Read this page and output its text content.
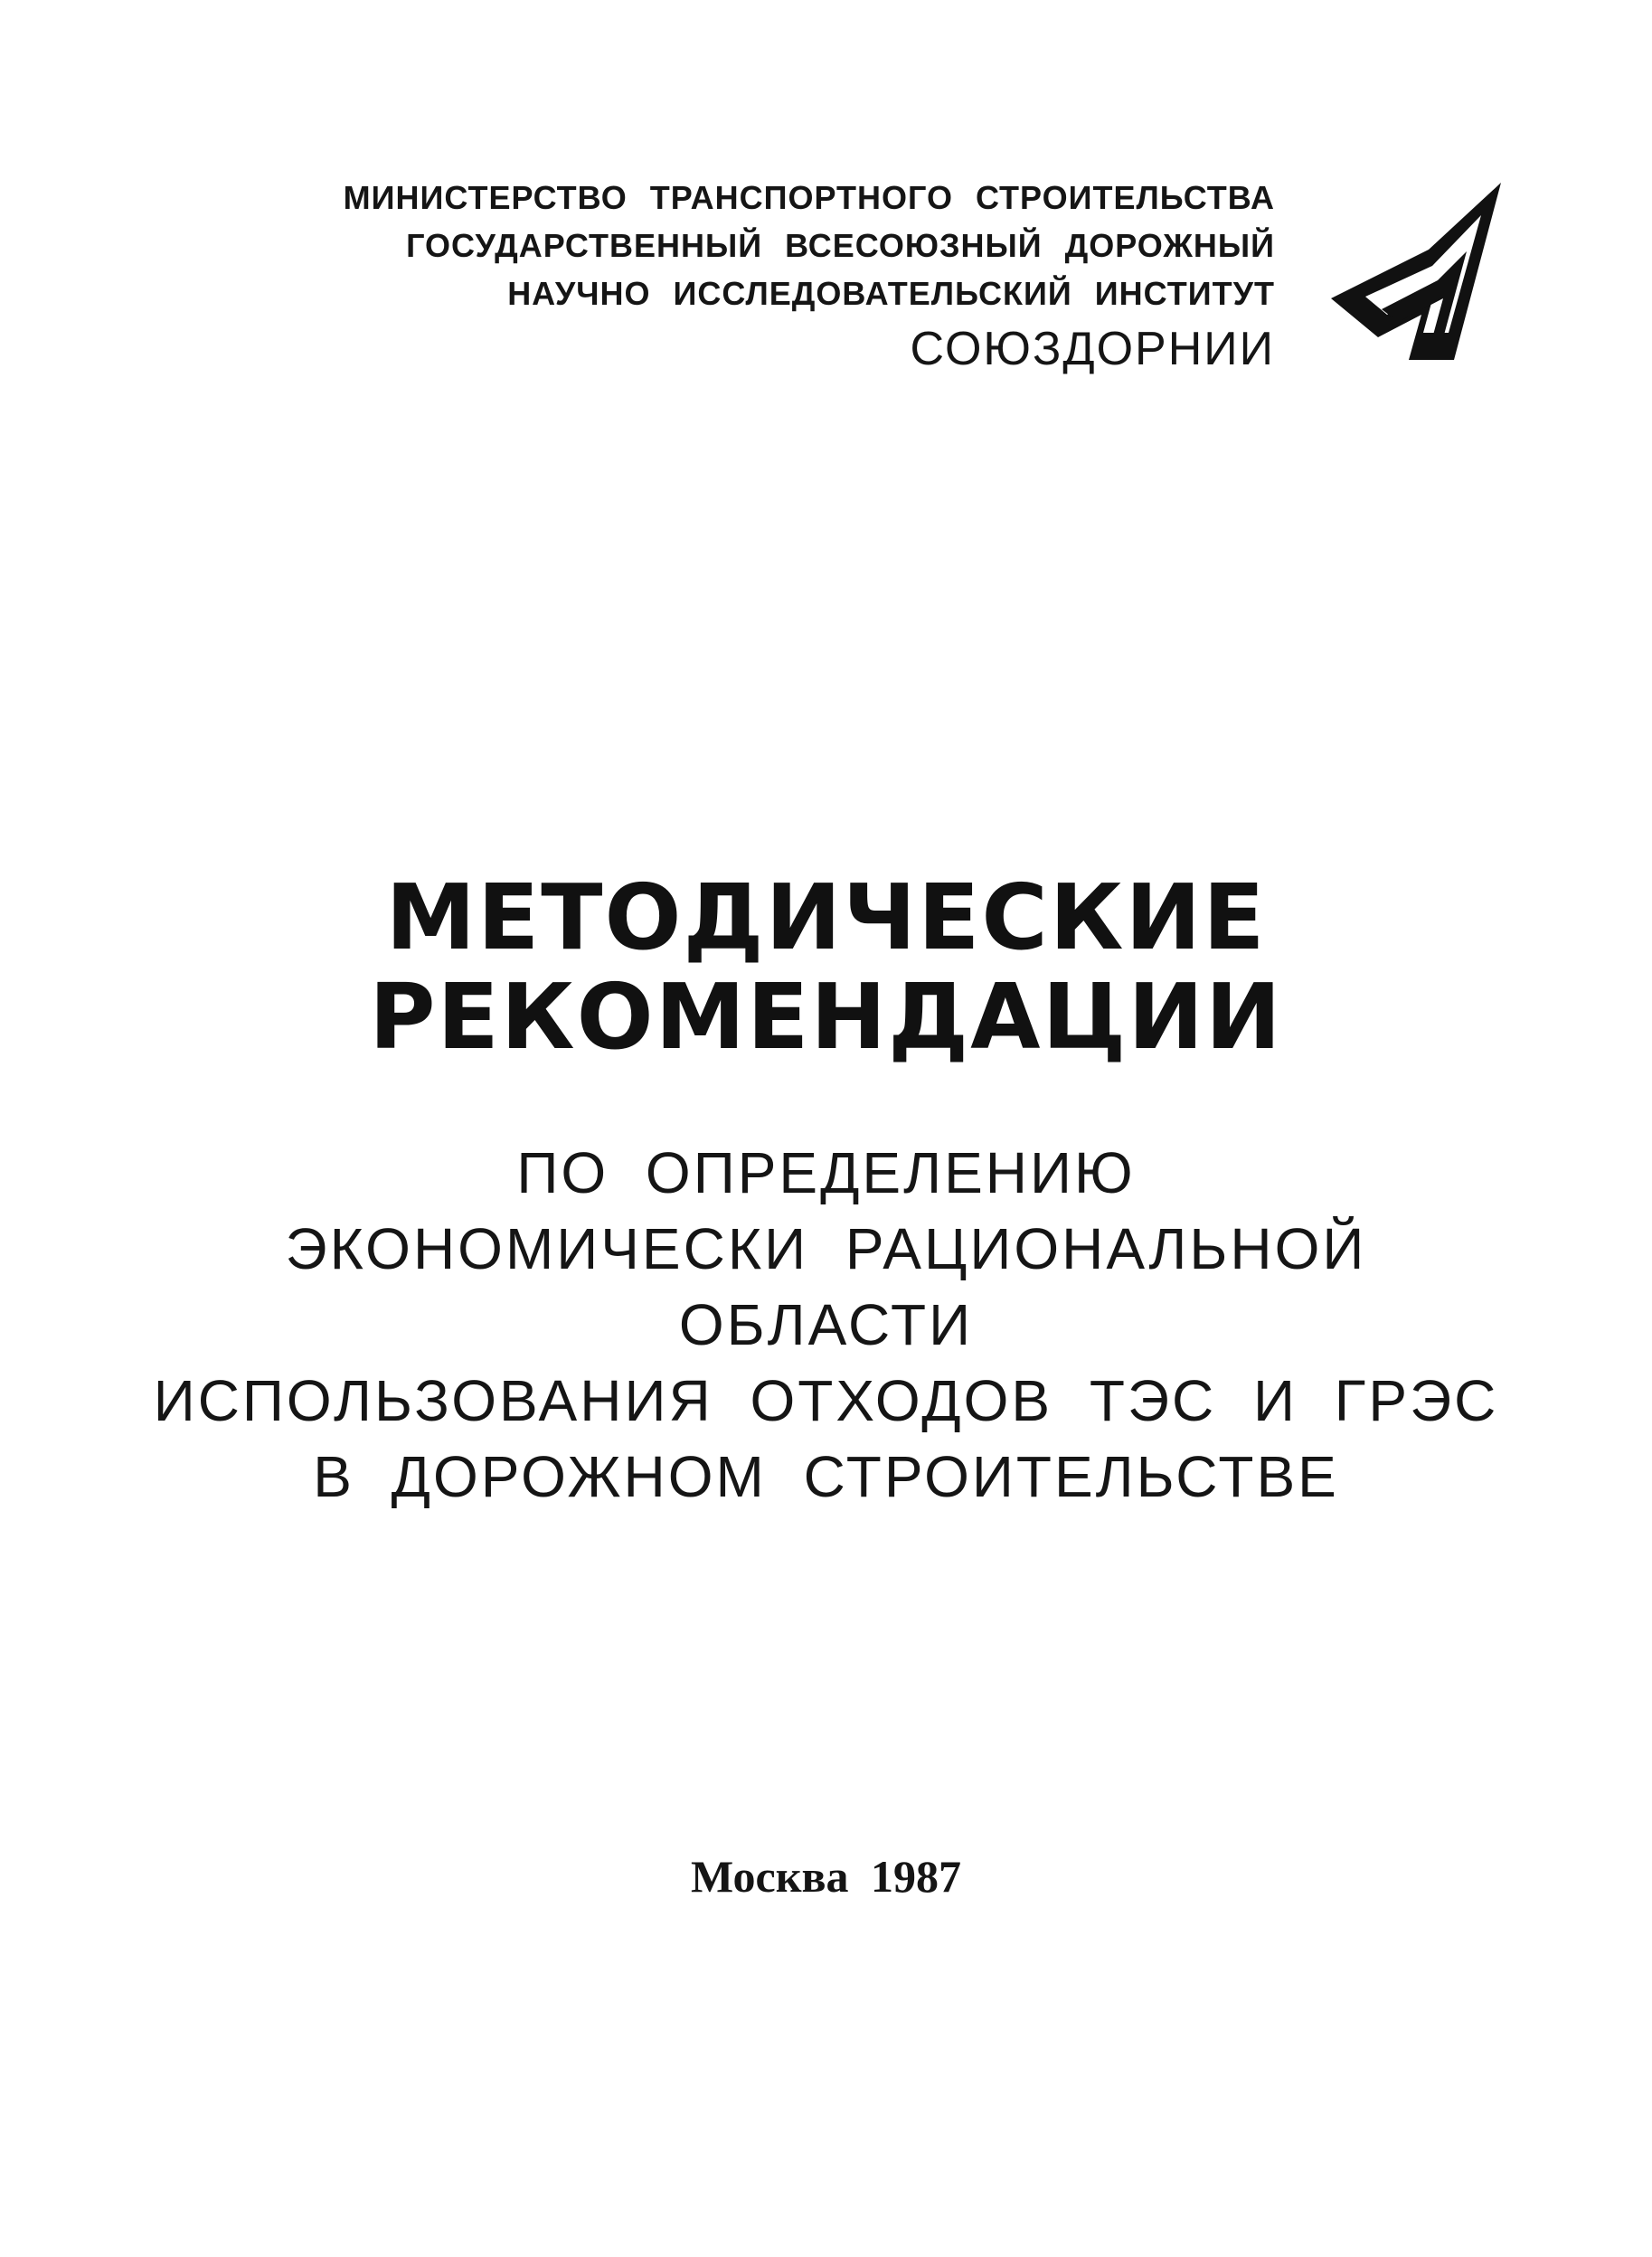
МИНИСТЕРСТВО ТРАНСПОРТНОГО СТРОИТЕЛЬСТВА
ГОСУДАРСТВЕННЫЙ ВСЕСОЮЗНЫЙ ДОРОЖНЫЙ
НАУЧНО ИССЛЕДОВАТЕЛЬСКИЙ ИНСТИТУТ
СОЮЗДОРНИИ
МЕТОДИЧЕСКИЕ
РЕКОМЕНДАЦИИ
ПО ОПРЕДЕЛЕНИЮ
ЭКОНОМИЧЕСКИ РАЦИОНАЛЬНОЙ
ОБЛАСТИ
ИСПОЛЬЗОВАНИЯ ОТХОДОВ ТЭС И ГРЭС
В ДОРОЖНОМ СТРОИТЕЛЬСТВЕ
Москва 1987
